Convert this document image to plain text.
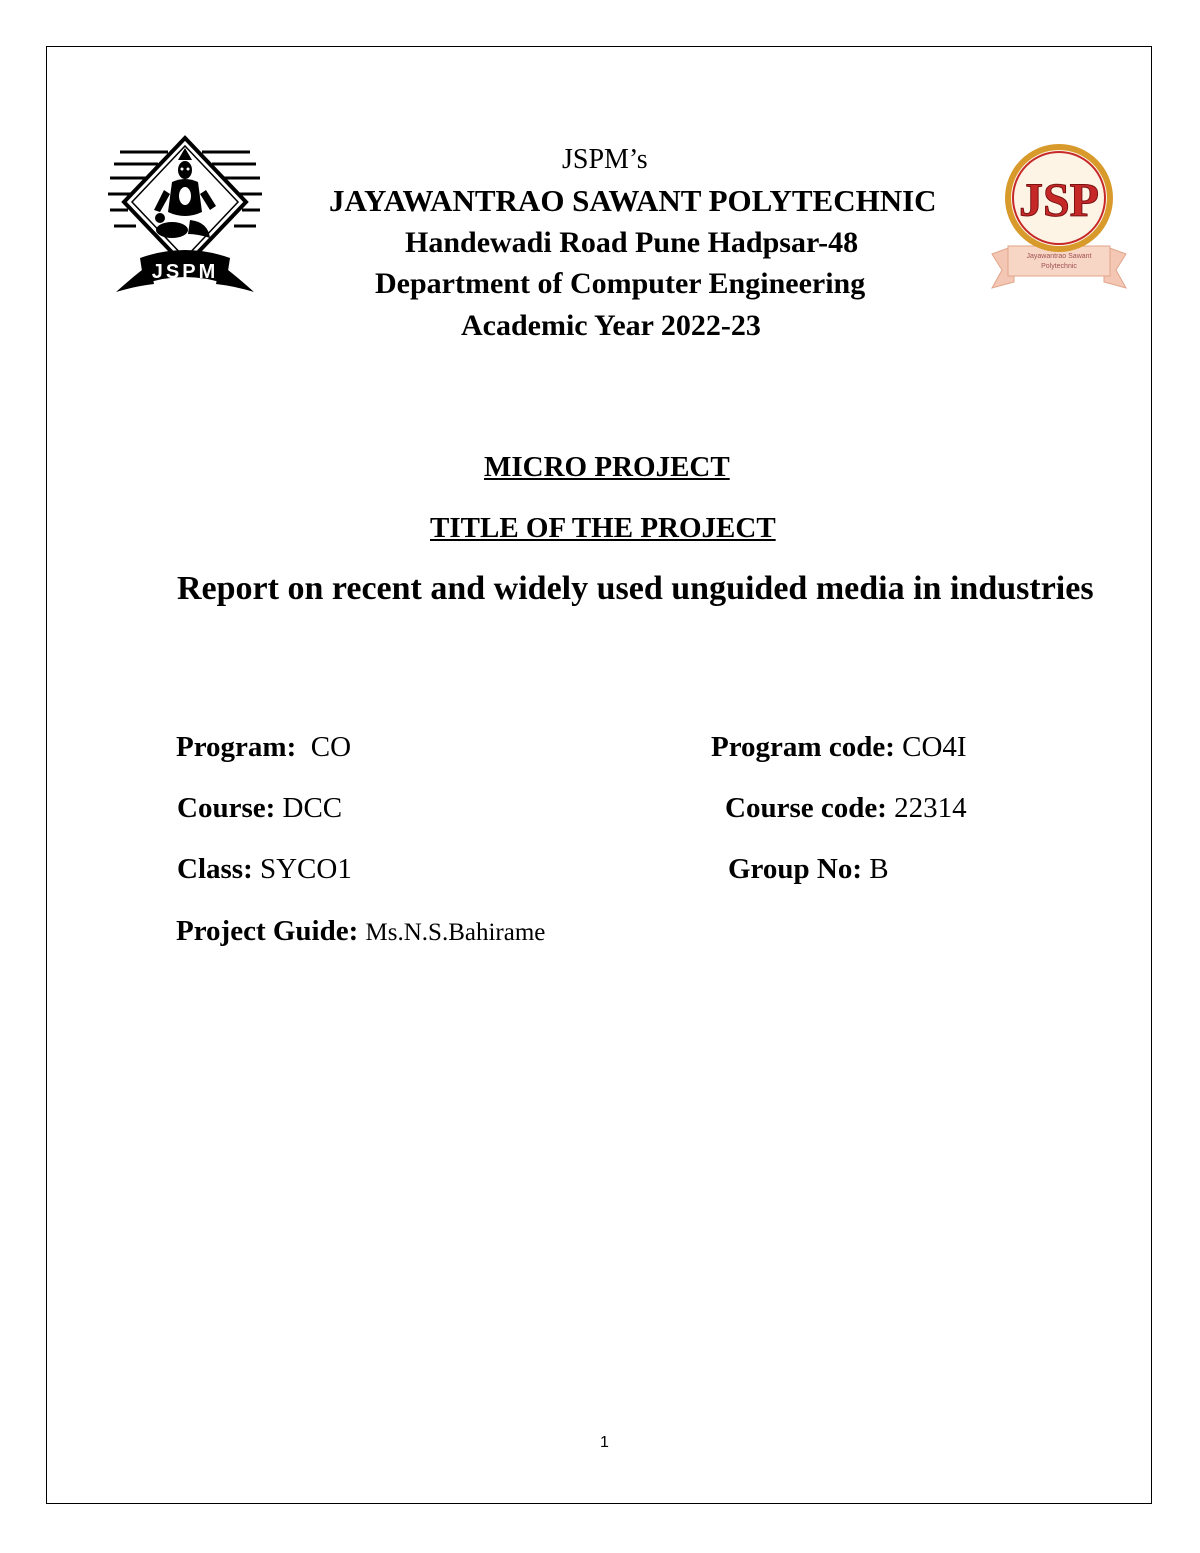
JSPM
JSP
Jayawantrao Sawant
Polytechnic
JSPM’s
JAYAWANTRAO SAWANT POLYTECHNIC
Handewadi Road Pune Hadpsar-48
Department of Computer Engineering
Academic Year 2022-23
MICRO PROJECT
TITLE OF THE PROJECT
Report on recent and widely used unguided media in industries
Program: CO	Program code: CO4I
Course: DCC	Course code: 22314
Class: SYCO1	Group No: B
Project Guide: Ms.N.S.Bahirame
1
